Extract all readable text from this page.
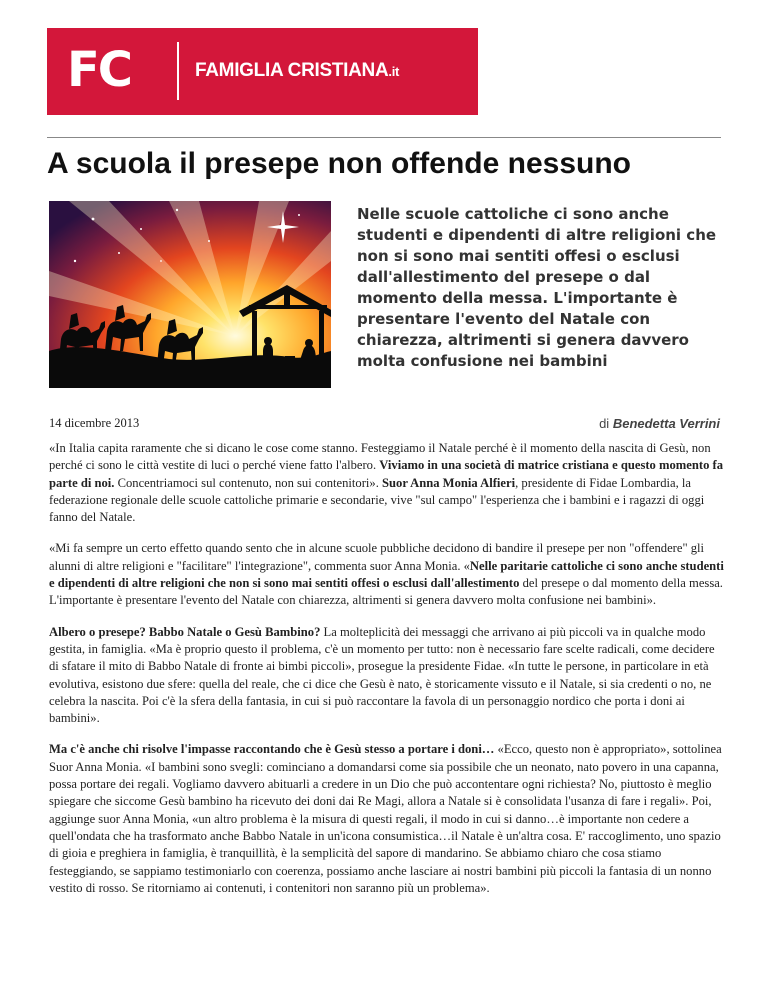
FC	FAMIGLIA CRISTIANA.it
A scuola il presepe non offende nessuno

Nelle scuole cattoliche ci sono anche studenti e dipendenti di altre religioni che non si sono mai sentiti offesi o esclusi dall'allestimento del presepe o dal momento della messa. L'importante è presentare l'evento del Natale con chiarezza, altrimenti si genera davvero molta confusione nei bambini

14 dicembre 2013	di Benedetta Verrini

«In Italia capita raramente che si dicano le cose come stanno. Festeggiamo il Natale perché è il momento della nascita di Gesù, non perché ci sono le città vestite di luci o perché viene fatto l'albero. Viviamo in una società di matrice cristiana e questo momento fa parte di noi. Concentriamoci sul contenuto, non sui contenitori». Suor Anna Monia Alfieri, presidente di Fidae Lombardia, la federazione regionale delle scuole cattoliche primarie e secondarie, vive "sul campo" l'esperienza che i bambini e i ragazzi di oggi fanno del Natale.

«Mi fa sempre un certo effetto quando sento che in alcune scuole pubbliche decidono di bandire il presepe per non "offendere" gli alunni di altre religioni e "facilitare" l'integrazione", commenta suor Anna Monia. «Nelle paritarie cattoliche ci sono anche studenti e dipendenti di altre religioni che non si sono mai sentiti offesi o esclusi dall'allestimento del presepe o dal momento della messa. L'importante è presentare l'evento del Natale con chiarezza, altrimenti si genera davvero molta confusione nei bambini».

Albero o presepe? Babbo Natale o Gesù Bambino? La molteplicità dei messaggi che arrivano ai più piccoli va in qualche modo gestita, in famiglia. «Ma è proprio questo il problema, c'è un momento per tutto: non è necessario fare scelte radicali, come decidere di sfatare il mito di Babbo Natale di fronte ai bimbi piccoli», prosegue la presidente Fidae. «In tutte le persone, in particolare in età evolutiva, esistono due sfere: quella del reale, che ci dice che Gesù è nato, è storicamente vissuto e il Natale, si sia credenti o no, ne celebra la nascita. Poi c'è la sfera della fantasia, in cui si può raccontare la favola di un personaggio nordico che porta i doni ai bambini».

Ma c'è anche chi risolve l'impasse raccontando che è Gesù stesso a portare i doni… «Ecco, questo non è appropriato», sottolinea Suor Anna Monia. «I bambini sono svegli: cominciano a domandarsi come sia possibile che un neonato, nato povero in una capanna, possa portare dei regali. Vogliamo davvero abituarli a credere in un Dio che può accontentare ogni richiesta? No, piuttosto è meglio spiegare che siccome Gesù bambino ha ricevuto dei doni dai Re Magi, allora a Natale si è consolidata l'usanza di fare i regali». Poi, aggiunge suor Anna Monia, «un altro problema è la misura di questi regali, il modo in cui si danno…è importante non cedere a quell'ondata che ha trasformato anche Babbo Natale in un'icona consumistica…il Natale è un'altra cosa. E' raccoglimento, uno spazio di gioia e preghiera in famiglia, è tranquillità, è la semplicità del sapore di mandarino. Se abbiamo chiaro che cosa stiamo festeggiando, se sappiamo testimoniarlo con coerenza, possiamo anche lasciare ai nostri bambini più piccoli la fantasia di un nonno vestito di rosso. Se ritorniamo ai contenuti, i contenitori non saranno più un problema».
